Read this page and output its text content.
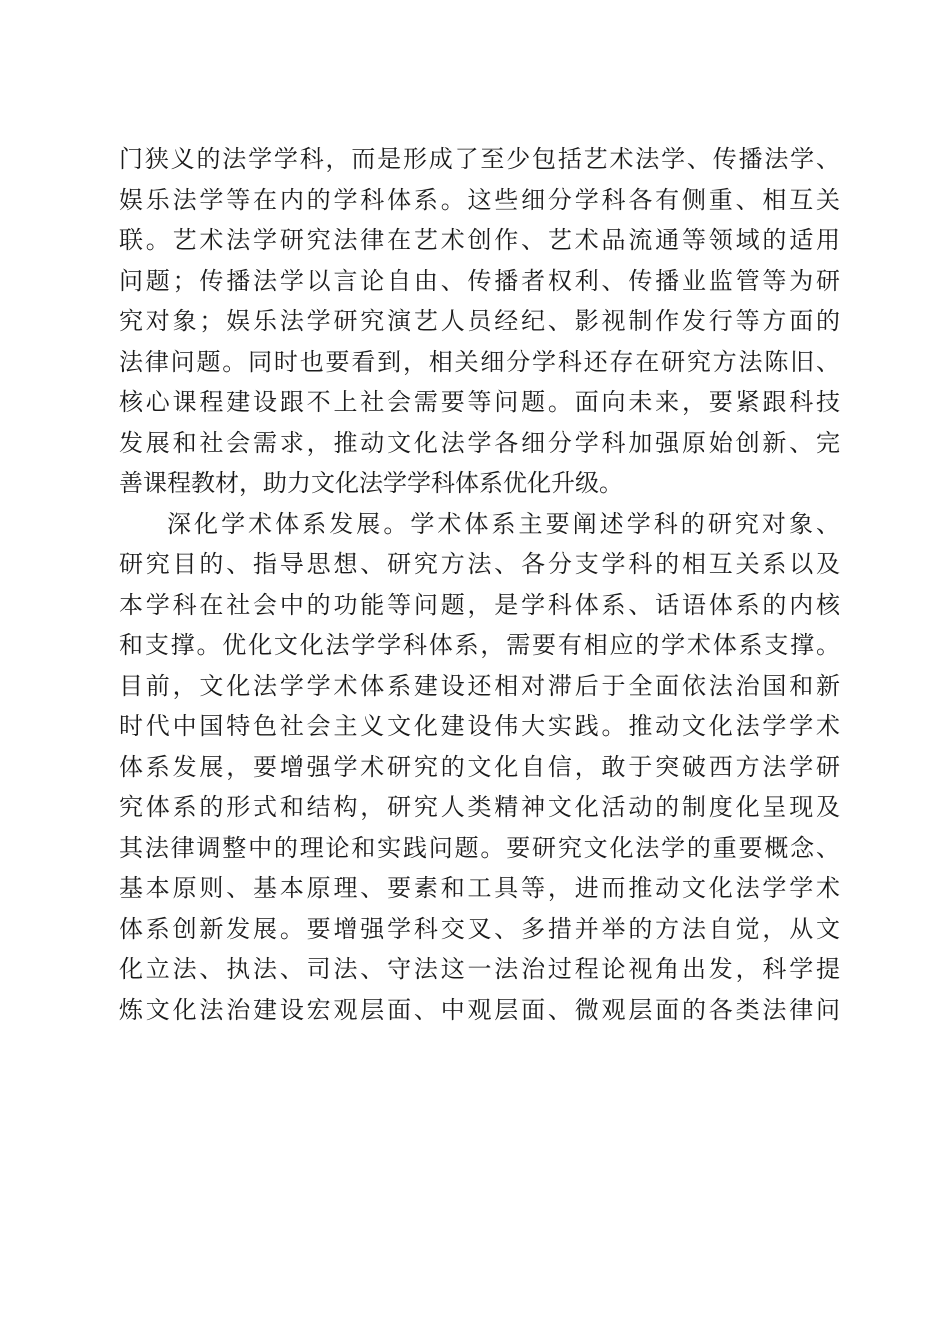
门狭义的法学学科，而是形成了至少包括艺术法学、传播法学、
娱乐法学等在内的学科体系。这些细分学科各有侧重、相互关
联。艺术法学研究法律在艺术创作、艺术品流通等领域的适用
问题；传播法学以言论自由、传播者权利、传播业监管等为研
究对象；娱乐法学研究演艺人员经纪、影视制作发行等方面的
法律问题。同时也要看到，相关细分学科还存在研究方法陈旧、
核心课程建设跟不上社会需要等问题。面向未来，要紧跟科技
发展和社会需求，推动文化法学各细分学科加强原始创新、完
善课程教材，助力文化法学学科体系优化升级。
深化学术体系发展。学术体系主要阐述学科的研究对象、
研究目的、指导思想、研究方法、各分支学科的相互关系以及
本学科在社会中的功能等问题，是学科体系、话语体系的内核
和支撑。优化文化法学学科体系，需要有相应的学术体系支撑。
目前，文化法学学术体系建设还相对滞后于全面依法治国和新
时代中国特色社会主义文化建设伟大实践。推动文化法学学术
体系发展，要增强学术研究的文化自信，敢于突破西方法学研
究体系的形式和结构，研究人类精神文化活动的制度化呈现及
其法律调整中的理论和实践问题。要研究文化法学的重要概念、
基本原则、基本原理、要素和工具等，进而推动文化法学学术
体系创新发展。要增强学科交叉、多措并举的方法自觉，从文
化立法、执法、司法、守法这一法治过程论视角出发，科学提
炼文化法治建设宏观层面、中观层面、微观层面的各类法律问
